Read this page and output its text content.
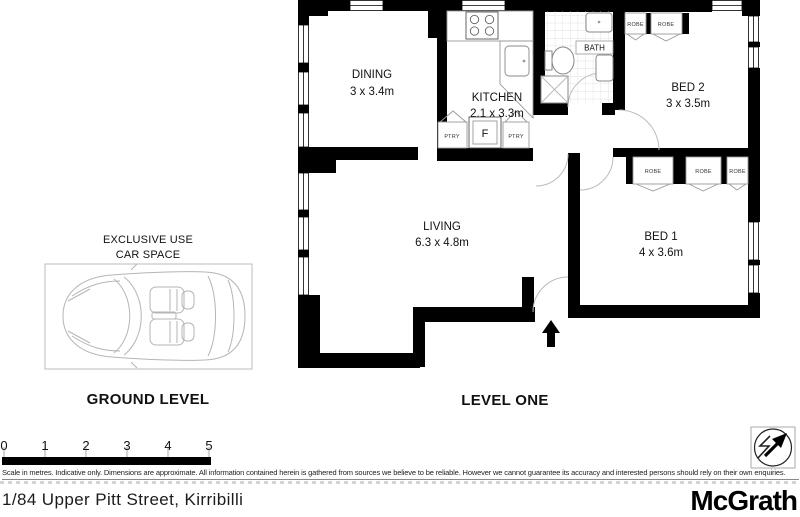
DINING
3 x 3.4m	KITCHEN
2.1 x 3.3m
BATH
BED 2
3 x 3.5m
LIVING
6.3 x 4.8m	BED 1
4 x 3.6m
ROBE	ROBE
ROBE	ROBE	ROBE
PTRY	PTRY
F
LEVEL ONE
EXCLUSIVE USE
CAR SPACE
GROUND LEVEL
0	1	2	3	4	5
Scale in metres. Indicative only. Dimensions are approximate. All information contained herein is gathered from sources we believe to be reliable. However we cannot guarantee its accuracy and interested persons should rely on their own enquiries.
1/84 Upper Pitt Street, Kirribilli	McGrath
